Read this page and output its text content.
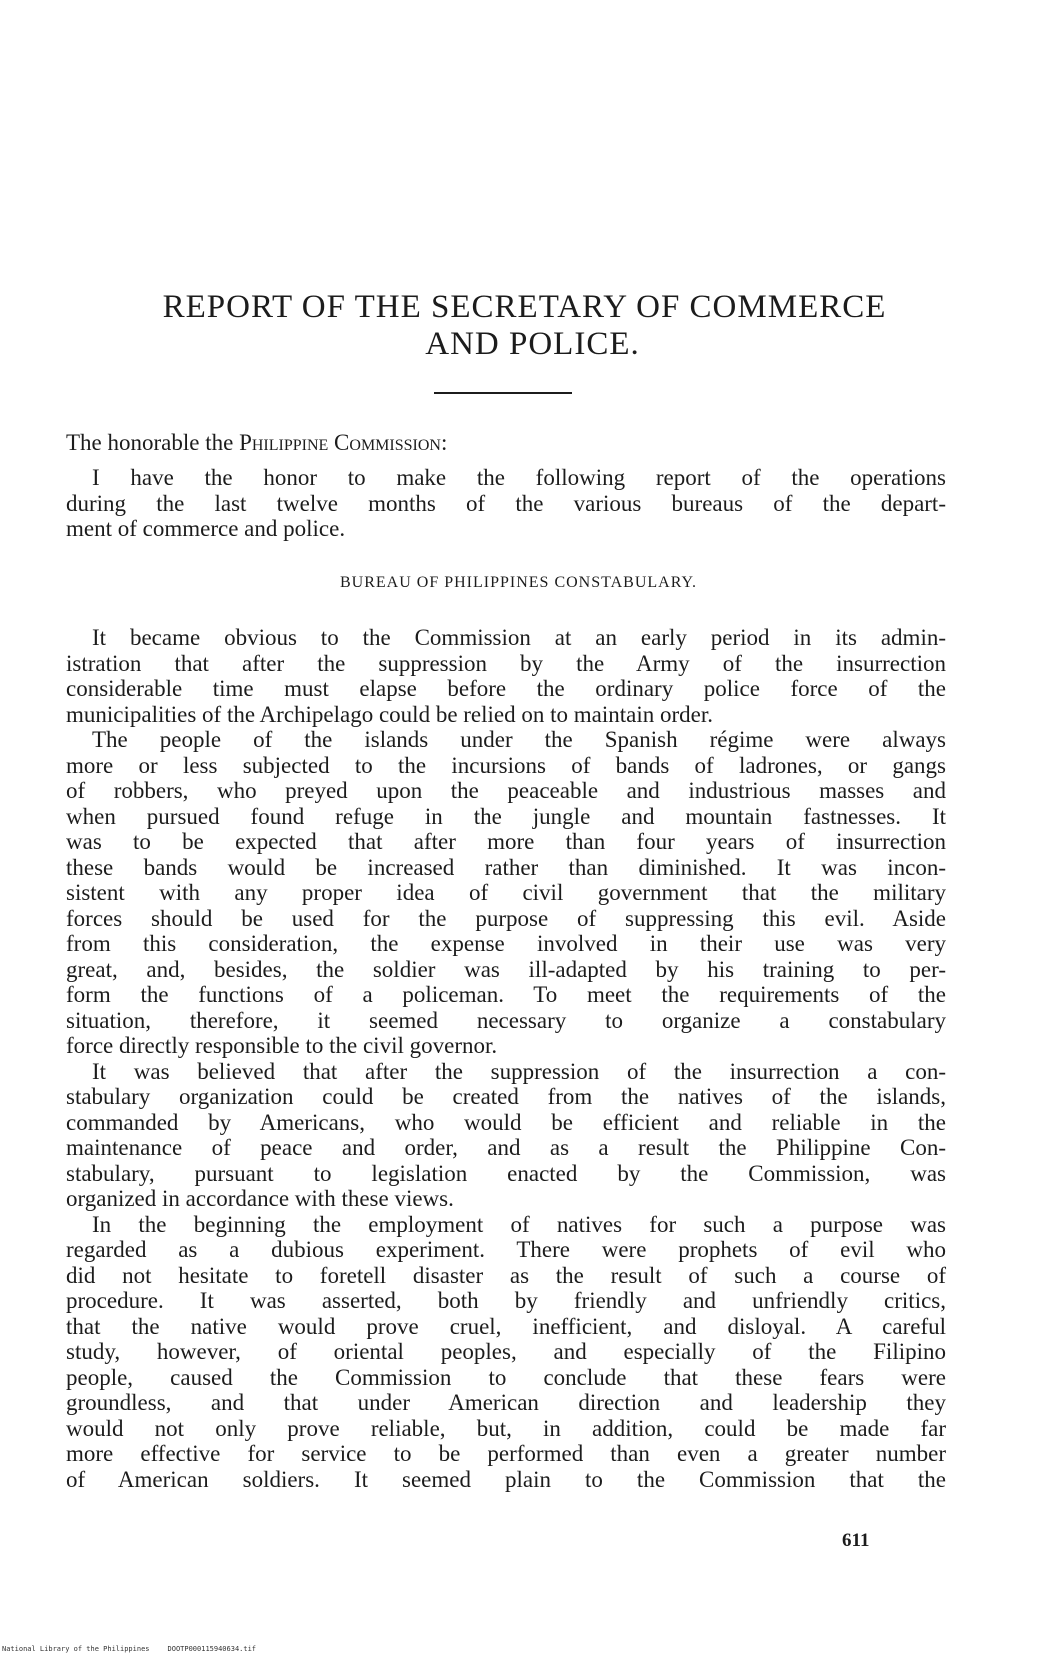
REPORT OF THE SECRETARY OF COMMERCE
AND POLICE.
The honorable the Philippine Commission:
I have the honor to make the following report of the operations
during the last twelve months of the various bureaus of the depart-
ment of commerce and police.
BUREAU OF PHILIPPINES CONSTABULARY.
It became obvious to the Commission at an early period in its admin-
istration that after the suppression by the Army of the insurrection
considerable time must elapse before the ordinary police force of the
municipalities of the Archipelago could be relied on to maintain order.
The people of the islands under the Spanish régime were always
more or less subjected to the incursions of bands of ladrones, or gangs
of robbers, who preyed upon the peaceable and industrious masses and
when pursued found refuge in the jungle and mountain fastnesses. It
was to be expected that after more than four years of insurrection
these bands would be increased rather than diminished. It was incon-
sistent with any proper idea of civil government that the military
forces should be used for the purpose of suppressing this evil. Aside
from this consideration, the expense involved in their use was very
great, and, besides, the soldier was ill-adapted by his training to per-
form the functions of a policeman. To meet the requirements of the
situation, therefore, it seemed necessary to organize a constabulary
force directly responsible to the civil governor.
It was believed that after the suppression of the insurrection a con-
stabulary organization could be created from the natives of the islands,
commanded by Americans, who would be efficient and reliable in the
maintenance of peace and order, and as a result the Philippine Con-
stabulary, pursuant to legislation enacted by the Commission, was
organized in accordance with these views.
In the beginning the employment of natives for such a purpose was
regarded as a dubious experiment. There were prophets of evil who
did not hesitate to foretell disaster as the result of such a course of
procedure. It was asserted, both by friendly and unfriendly critics,
that the native would prove cruel, inefficient, and disloyal. A careful
study, however, of oriental peoples, and especially of the Filipino
people, caused the Commission to conclude that these fears were
groundless, and that under American direction and leadership they
would not only prove reliable, but, in addition, could be made far
more effective for service to be performed than even a greater number
of American soldiers. It seemed plain to the Commission that the
611
National Library of the Philippines	DOOTP000115940634.tif
